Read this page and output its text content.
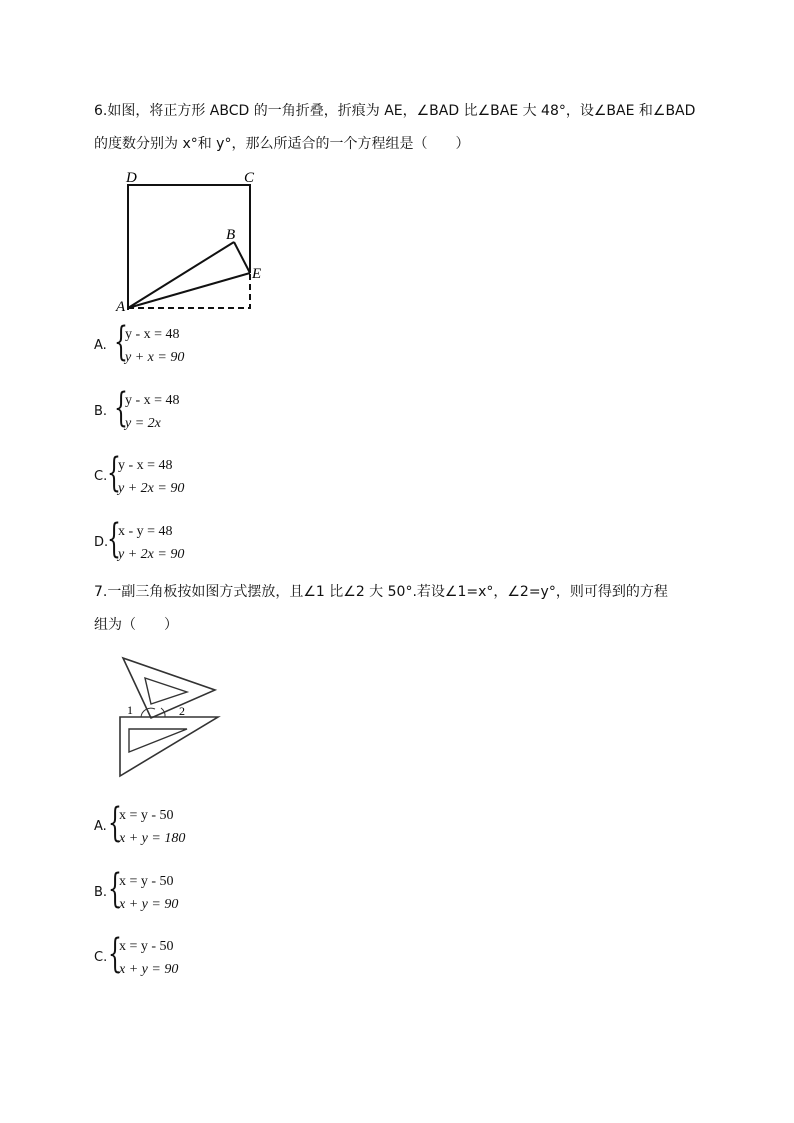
6.如图，将正方形 ABCD 的一角折叠，折痕为 AE，∠BAD 比∠BAE 大 48°，设∠BAE 和∠BAD
的度数分别为 x°和 y°，那么所适合的一个方程组是（　　）
D	C
B
E
A
A. {
y - x = 48
y + x = 90
B. {
y - x = 48
y = 2x
C. {
y - x = 48
y + 2x = 90
D.
{
x - y = 48
y + 2x = 90
7.一副三角板按如图方式摆放，且∠1 比∠2 大 50°.若设∠1=x°，∠2=y°，则可得到的方程
组为（　　）
1	2
A. {
x = y - 50
x + y = 180
B. {
x = y - 50
x + y = 90
C. {
x = y - 50
x + y = 90
